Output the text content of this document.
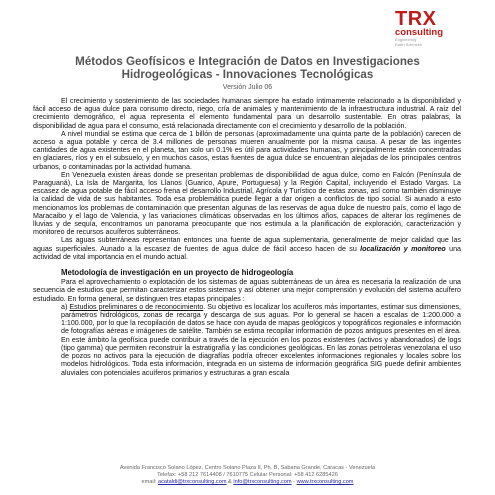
TRX
consulting
Engineering
Earth Sciences
Métodos Geofísicos e Integración de Datos en Investigaciones
Hidrogeológicas - Innovaciones Tecnológicas
Versión Julio 06

El crecimiento y sostenimiento de las sociedades humanas siempre ha estado íntimamente relacionado a la disponibilidad y fácil acceso de agua dulce para consumo directo, riego, cría de animales y mantenimiento de la infraestructura industrial. A raíz del crecimiento demográfico, el agua representa el elemento fundamental para un desarrollo sustentable. En otras palabras, la disponibilidad de agua para el consumo, está relacionada directamente con el crecimiento y desarrollo de la población.

A nivel mundial se estima que cerca de 1 billón de personas (aproximadamente una quinta parte de la población) carecen de acceso a agua potable y cerca de 3.4 millones de personas mueren anualmente por la misma causa. A pesar de las ingentes cantidades de agua existentes en el planeta, tan solo un 0.1% es útil para actividades humanas, y principalmente están concentradas en glaciares, ríos y en el subsuelo, y en muchos casos, estas fuentes de agua dulce se encuentran alejadas de los principales centros urbanos, o contaminadas por la actividad humana.

En Venezuela existen áreas donde se presentan problemas de disponibilidad de agua dulce, como en Falcón (Península de Paraguaná), La Isla de Margarita, los Llanos (Guarico, Apure, Portuguesa) y la Región Capital, incluyendo el Estado Vargas. La escasez de agua potable de fácil acceso frena el desarrollo Industrial, Agrícola y Turístico de estas zonas, así como también disminuye la calidad de vida de sus habitantes. Toda esa problemática puede llegar a dar origen a conflictos de tipo social. Si aunado a esto mencionamos los problemas de contaminación que presentan algunas de las reservas de agua dulce de nuestro país, como el lago de Maracaibo y el lago de Valencia, y las variaciones climáticas observadas en los últimos años, capaces de alterar los regímenes de lluvias y de sequía, encontramos un panorama preocupante que nos estimula a la planificación de exploración, caracterización y monitoreo de recursos acuíferos subterráneos.

Las aguas subterráneas representan entonces una fuente de agua suplementaria, generalmente de mejor calidad que las aguas superficiales. Aunado a la escasez de fuentes de agua dulce de fácil acceso hacen de su localización y monitoreo una actividad de vital importancia en el mundo actual.

Metodología de investigación en un proyecto de hidrogeología

Para el aprovechamiento o explotación de los sistemas de aguas subterráneas de un área es necesaria la realización de una secuencia de estudios que permitan caracterizar estos sistemas y así obtener una mejor comprensión y evolución del sistema acuífero estudiado. En forma general, se distinguen tres etapas principales :

a) Estudios preliminares o de reconocimiento. Su objetivo es localizar los acuíferos más importantes, estimar sus dimensiones, parámetros hidrológicos, zonas de recarga y descarga de sus aguas. Por lo general se hacen a escalas de 1:200.000 a 1:100.000, por lo que la recopilación de datos se hace con ayuda de mapas geológicos y topográficos regionales e información de fotografías aéreas e imágenes de satélite. También se estima recopilar información de pozos antiguos presentes en el área. En este ámbito la geofísica puede contribuir a través de la ejecución en los pozos existentes (activos y abandonados) de logs (tipo gamma) que permiten reconstruir la estratigrafía y las condiciones geológicas. En las zonas petroleras venezolana el uso de pozos no activos para la ejecución de diagrafías podría ofrecer excelentes informaciones regionales y locales sobre los modelos hidrológicos. Toda esta información, integrada en un sistema de información geográfica SIG puede definir ambientes aluviales con potenciales acuíferos primarios y estructuras a gran escala

Avenida Francisco Solano López, Centro Solano Plaza II, Ph. B, Sabana Grande, Caracas - Venezuela
Telefax: +58 212 7614408 / 7610775 Celular Personal: +58 412 6285426
email: acataldi@trxconsulting.com & info@trxconsulting.com - www.trxconsulting.com
